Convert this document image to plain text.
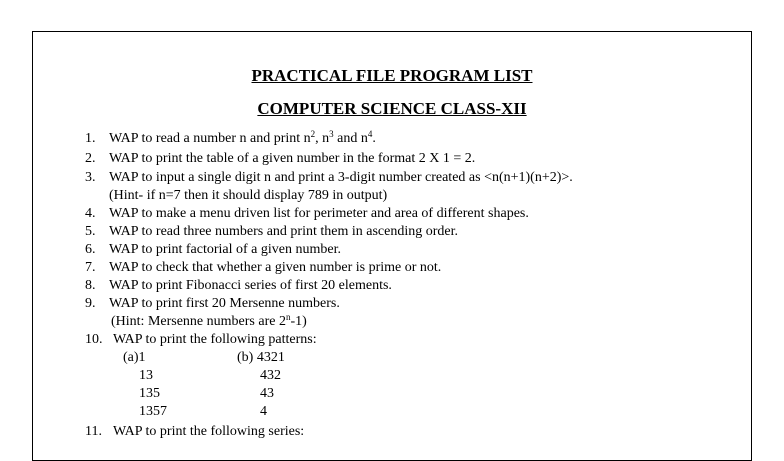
PRACTICAL FILE PROGRAM LIST
COMPUTER SCIENCE CLASS-XII
1. WAP to read a number n and print $n^2$, $n^3$ and $n^4$.
2. WAP to print the table of a given number in the format 2 X 1 = 2.
3. WAP to input a single digit n and print a 3-digit number created as <n(n+1)(n+2)>.
(Hint- if n=7 then it should display 789 in output)
4. WAP to make a menu driven list for perimeter and area of different shapes.
5. WAP to read three numbers and print them in ascending order.
6. WAP to print factorial of a given number.
7. WAP to check that whether a given number is prime or not.
8. WAP to print Fibonacci series of first 20 elements.
9. WAP to print first 20 Mersenne numbers.
(Hint: Mersenne numbers are 2$^n$-1)
10. WAP to print the following patterns:
(a)1
13
135
1357
(b) 4321
432
43
4
11. WAP to print the following series:
